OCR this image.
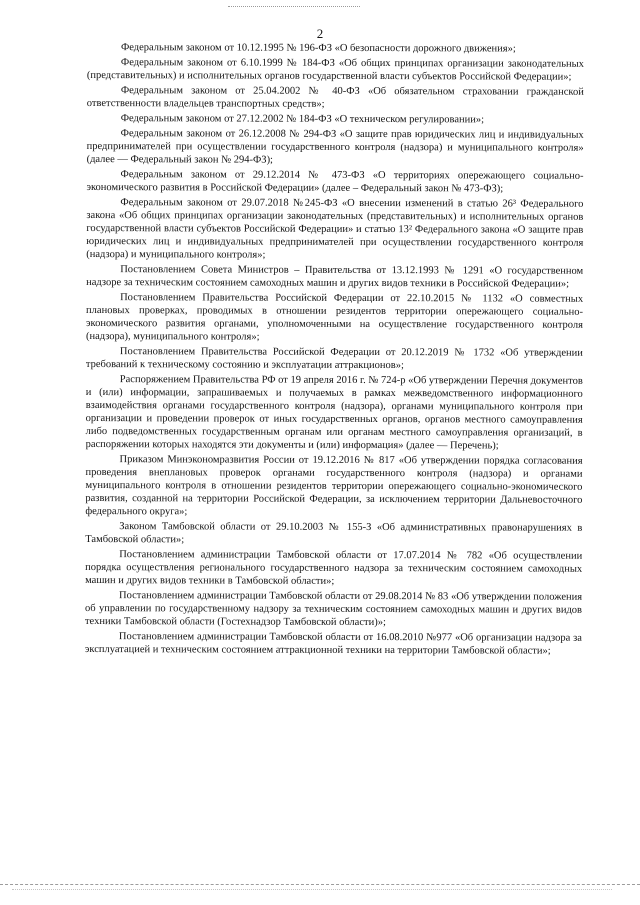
2

Федеральным законом от 10.12.1995 № 196-ФЗ «О безопасности дорожного движения»;

Федеральным законом от 6.10.1999 № 184-ФЗ «Об общих принципах организации законодательных (представительных) и исполнительных органов государственной власти субъектов Российской Федерации»;

Федеральным законом от 25.04.2002 № 40-ФЗ «Об обязательном страховании гражданской ответственности владельцев транспортных средств»;

Федеральным законом от 27.12.2002 № 184-ФЗ «О техническом регулировании»;

Федеральным законом от 26.12.2008 № 294-ФЗ «О защите прав юридических лиц и индивидуальных предпринимателей при осуществлении государственного контроля (надзора) и муниципального контроля» (далее — Федеральный закон № 294-ФЗ);

Федеральным законом от 29.12.2014 № 473-ФЗ «О территориях опережающего социально-экономического развития в Российской Федерации» (далее – Федеральный закон № 473-ФЗ);

Федеральным законом от 29.07.2018 №245-ФЗ «О внесении изменений в статью 26³ Федерального закона «Об общих принципах организации законодательных (представительных) и исполнительных органов государственной власти субъектов Российской Федерации» и статью 13² Федерального закона «О защите прав юридических лиц и индивидуальных предпринимателей при осуществлении государственного контроля (надзора) и муниципального контроля»;

Постановлением Совета Министров – Правительства от 13.12.1993 № 1291 «О государственном надзоре за техническим состоянием самоходных машин и других видов техники в Российской Федерации»;

Постановлением Правительства Российской Федерации от 22.10.2015 № 1132 «О совместных плановых проверках, проводимых в отношении резидентов территории опережающего социально-экономического развития органами, уполномоченными на осуществление государственного контроля (надзора), муниципального контроля»;

Постановлением Правительства Российской Федерации от 20.12.2019 № 1732 «Об утверждении требований к техническому состоянию и эксплуатации аттракционов»;

Распоряжением Правительства РФ от 19 апреля 2016 г. № 724-р «Об утверждении Перечня документов и (или) информации, запрашиваемых и получаемых в рамках межведомственного информационного взаимодействия органами государственного контроля (надзора), органами муниципального контроля при организации и проведении проверок от иных государственных органов, органов местного самоуправления либо подведомственных государственным органам или органам местного самоуправления организаций, в распоряжении которых находятся эти документы и (или) информация» (далее — Перечень);

Приказом Минэкономразвития России от 19.12.2016 № 817 «Об утверждении порядка согласования проведения внеплановых проверок органами государственного контроля (надзора) и органами муниципального контроля в отношении резидентов территории опережающего социально-экономического развития, созданной на территории Российской Федерации, за исключением территории Дальневосточного федерального округа»;

Законом Тамбовской области от 29.10.2003 № 155-З «Об административных правонарушениях в Тамбовской области»;

Постановлением администрации Тамбовской области от 17.07.2014 № 782 «Об осуществлении порядка осуществления регионального государственного надзора за техническим состоянием самоходных машин и других видов техники в Тамбовской области»;

Постановлением администрации Тамбовской области от 29.08.2014 № 83 «Об утверждении положения об управлении по государственному надзору за техническим состоянием самоходных машин и других видов техники Тамбовской области (Гостехнадзор Тамбовской области)»;

Постановлением администрации Тамбовской области от 16.08.2010 №977 «Об организации надзора за эксплуатацией и техническим состоянием аттракционной техники на территории Тамбовской области»;
